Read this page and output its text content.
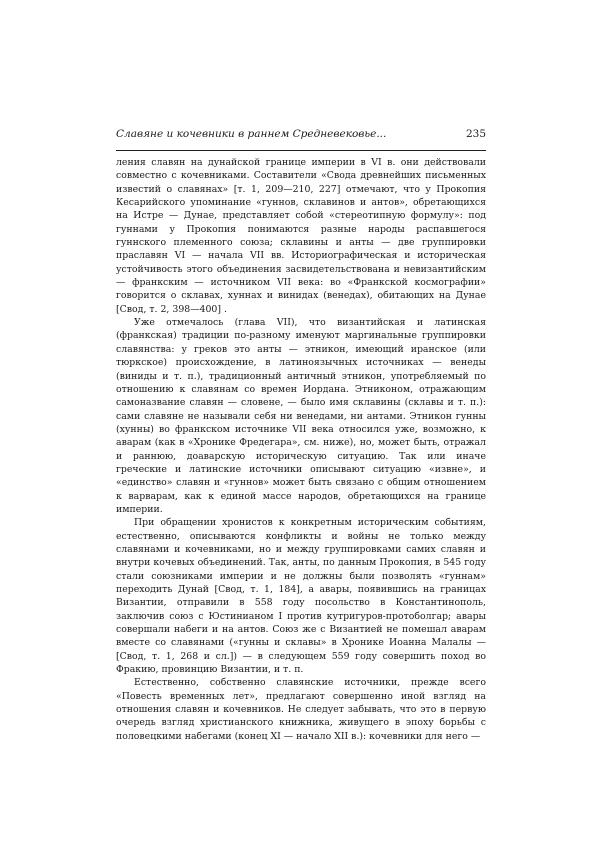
Славяне и кочевники в раннем Средневековье...	235

ления славян на дунайской границе империи в VI в. они действовали совместно с кочевниками. Составители «Свода древнейших письменных известий о славянах» [т. 1, 209—210, 227] отмечают, что у Прокопия Кесарийского упоминание «гуннов, склавинов и антов», обретающихся на Истре — Дунае, представляет собой «стереотипную формулу»: под гуннами у Прокопия понимаются разные народы распавшегося гуннского племенного союза; склавины и анты — две группировки праславян VI — начала VII вв. Историографическая и историческая устойчивость этого объединения засвидетельствована и невизантийским — франкским — источником VII века: во «Франкской космографии» говорится о склавах, хуннах и винидах (венедах), обитающих на Дунае [Свод, т. 2, 398—400] .

Уже отмечалось (глава VII), что византийская и латинская (франкская) традиции по-разному именуют маргинальные группировки славянства: у греков это анты — этникон, имеющий иранское (или тюркское) происхождение, в латиноязычных источниках — венеды (виниды и т. п.), традиционный античный этникон, употребляемый по отношению к славянам со времен Иордана. Этниконом, отражающим самоназвание славян — словене, — было имя склавины (склавы и т. п.): сами славяне не называли себя ни венедами, ни антами. Этникон гунны (хунны) во франкском источнике VII века относился уже, возможно, к аварам (как в «Хронике Фредегара», см. ниже), но, может быть, отражал и раннюю, доаварскую историческую ситуацию. Так или иначе греческие и латинские источники описывают ситуацию «извне», и «единство» славян и «гуннов» может быть связано с общим отношением к варварам, как к единой массе народов, обретающихся на границе империи.

При обращении хронистов к конкретным историческим событиям, естественно, описываются конфликты и войны не только между славянами и кочевниками, но и между группировками самих славян и внутри кочевых объединений. Так, анты, по данным Прокопия, в 545 году стали союзниками империи и не должны были позволять «гуннам» переходить Дунай [Свод, т. 1, 184], а авары, появившись на границах Византии, отправили в 558 году посольство в Константинополь, заключив союз с Юстинианом I против кутригуров-протоболгар; авары совершали набеги и на антов. Союз же с Византией не помешал аварам вместе со славянами («гунны и склавы» в Хронике Иоанна Малалы — [Свод, т. 1, 268 и сл.]) — в следующем 559 году совершить поход во Фракию, провинцию Византии, и т. п.

Естественно, собственно славянские источники, прежде всего «Повесть временных лет», предлагают совершенно иной взгляд на отношения славян и кочевников. Не следует забывать, что это в первую очередь взгляд христианского книжника, живущего в эпоху борьбы с половецкими набегами (конец XI — начало XII в.): кочевники для него —
